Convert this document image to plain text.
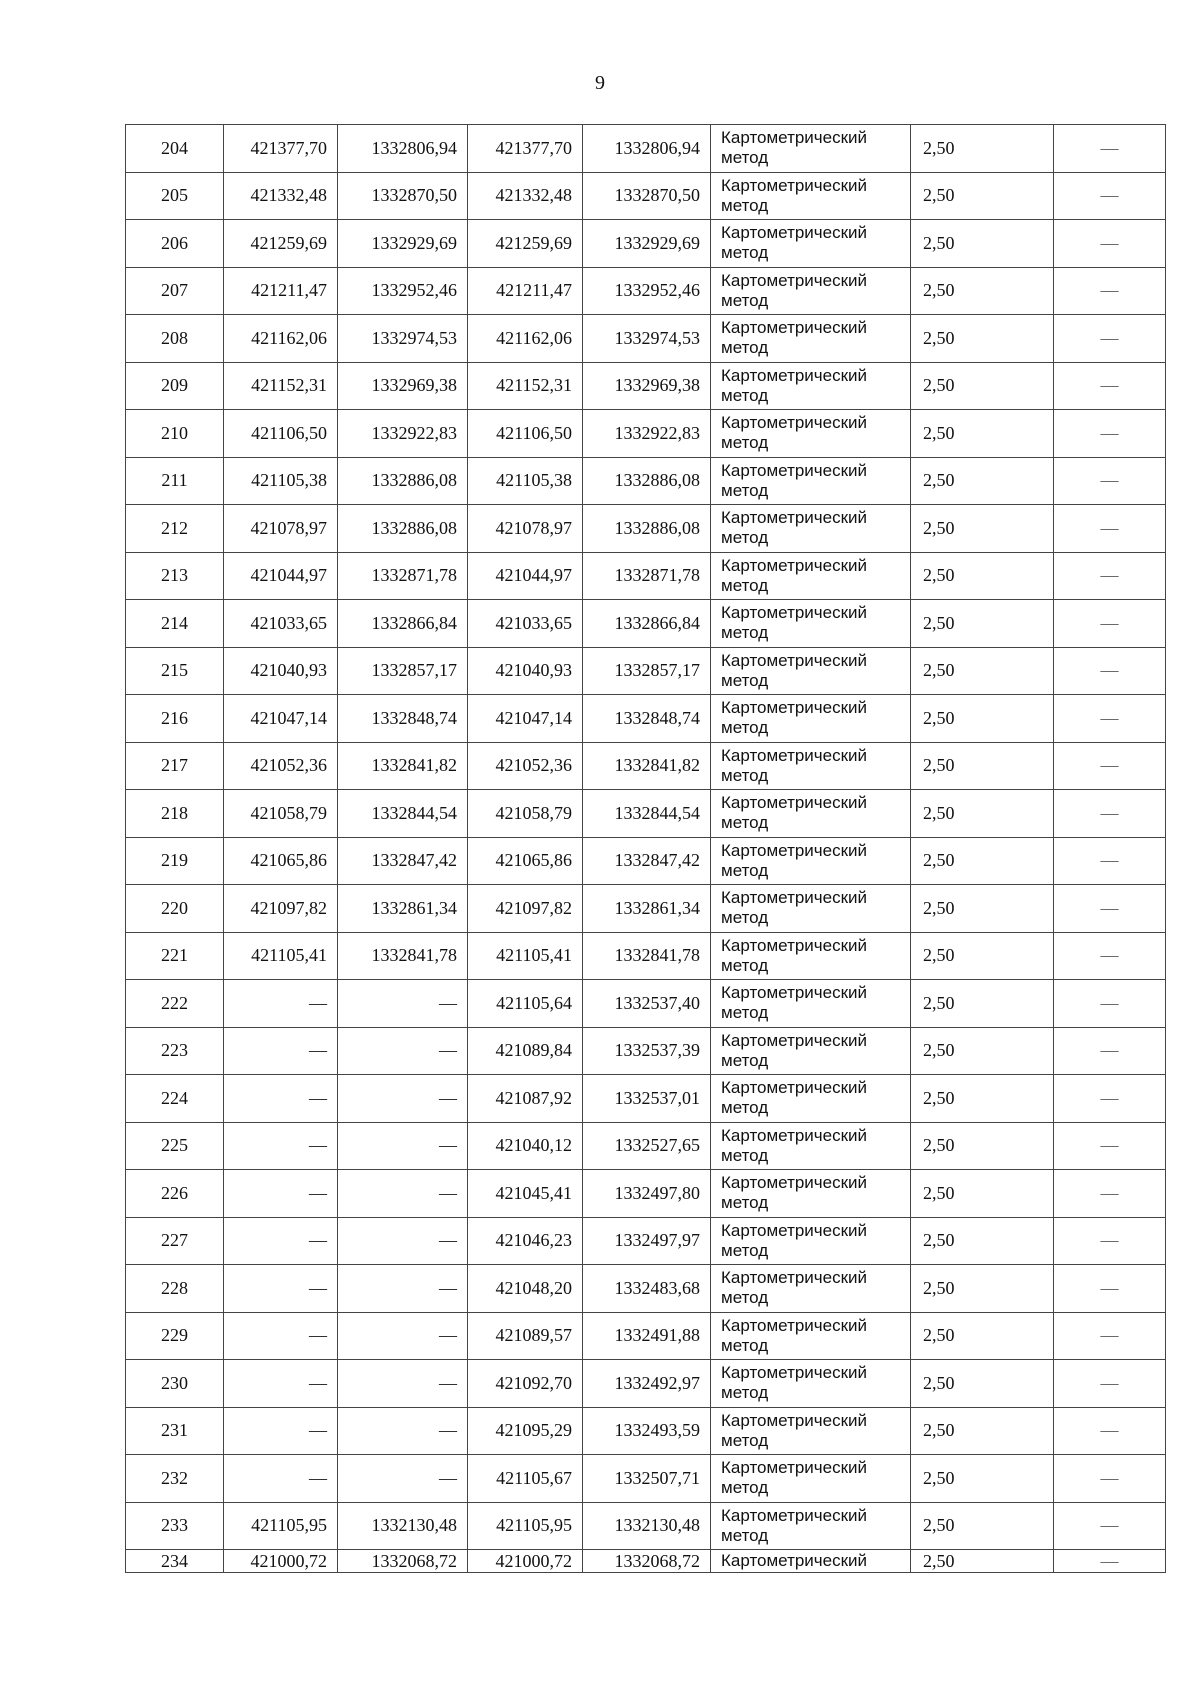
9
204	421377,70	1332806,94	421377,70	1332806,94	Картометрический метод	2,50	—
205	421332,48	1332870,50	421332,48	1332870,50	Картометрический метод	2,50	—
206	421259,69	1332929,69	421259,69	1332929,69	Картометрический метод	2,50	—
207	421211,47	1332952,46	421211,47	1332952,46	Картометрический метод	2,50	—
208	421162,06	1332974,53	421162,06	1332974,53	Картометрический метод	2,50	—
209	421152,31	1332969,38	421152,31	1332969,38	Картометрический метод	2,50	—
210	421106,50	1332922,83	421106,50	1332922,83	Картометрический метод	2,50	—
211	421105,38	1332886,08	421105,38	1332886,08	Картометрический метод	2,50	—
212	421078,97	1332886,08	421078,97	1332886,08	Картометрический метод	2,50	—
213	421044,97	1332871,78	421044,97	1332871,78	Картометрический метод	2,50	—
214	421033,65	1332866,84	421033,65	1332866,84	Картометрический метод	2,50	—
215	421040,93	1332857,17	421040,93	1332857,17	Картометрический метод	2,50	—
216	421047,14	1332848,74	421047,14	1332848,74	Картометрический метод	2,50	—
217	421052,36	1332841,82	421052,36	1332841,82	Картометрический метод	2,50	—
218	421058,79	1332844,54	421058,79	1332844,54	Картометрический метод	2,50	—
219	421065,86	1332847,42	421065,86	1332847,42	Картометрический метод	2,50	—
220	421097,82	1332861,34	421097,82	1332861,34	Картометрический метод	2,50	—
221	421105,41	1332841,78	421105,41	1332841,78	Картометрический метод	2,50	—
222	—	—	421105,64	1332537,40	Картометрический метод	2,50	—
223	—	—	421089,84	1332537,39	Картометрический метод	2,50	—
224	—	—	421087,92	1332537,01	Картометрический метод	2,50	—
225	—	—	421040,12	1332527,65	Картометрический метод	2,50	—
226	—	—	421045,41	1332497,80	Картометрический метод	2,50	—
227	—	—	421046,23	1332497,97	Картометрический метод	2,50	—
228	—	—	421048,20	1332483,68	Картометрический метод	2,50	—
229	—	—	421089,57	1332491,88	Картометрический метод	2,50	—
230	—	—	421092,70	1332492,97	Картометрический метод	2,50	—
231	—	—	421095,29	1332493,59	Картометрический метод	2,50	—
232	—	—	421105,67	1332507,71	Картометрический метод	2,50	—
233	421105,95	1332130,48	421105,95	1332130,48	Картометрический метод	2,50	—
234	421000,72	1332068,72	421000,72	1332068,72	Картометрический	2,50	—
